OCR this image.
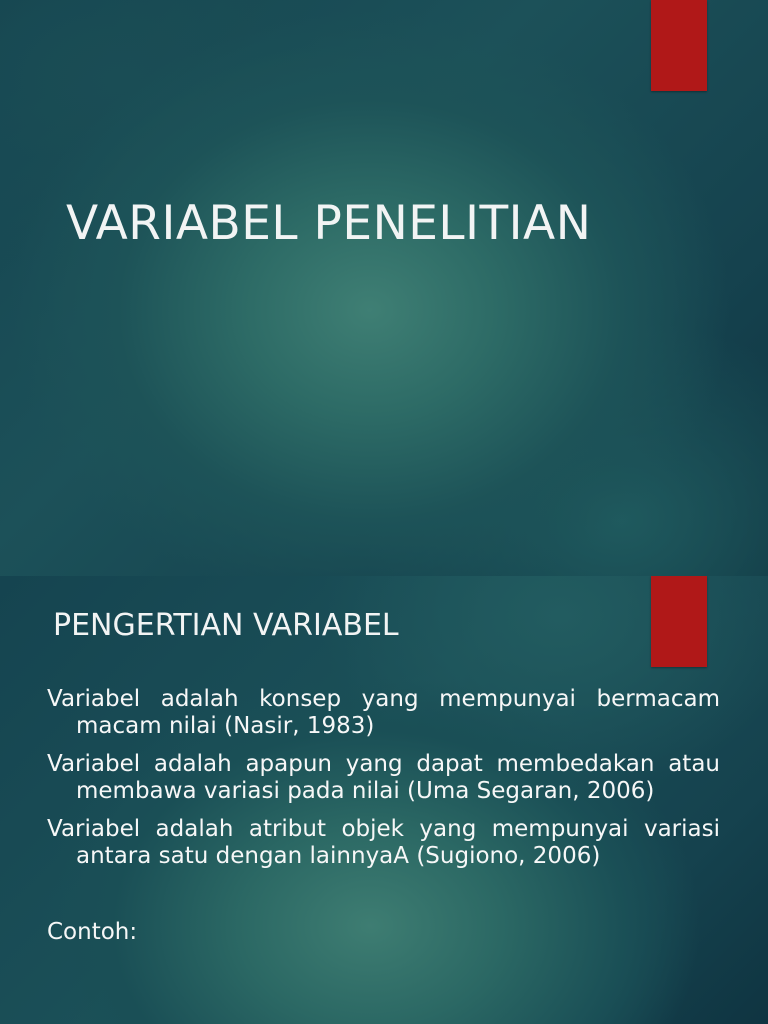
VARIABEL PENELITIAN
PENGERTIAN VARIABEL

Variabel adalah konsep yang mempunyai bermacam macam nilai (Nasir, 1983)

Variabel adalah apapun yang dapat membedakan atau membawa variasi pada nilai (Uma Segaran, 2006)

Variabel adalah atribut objek yang mempunyai variasi antara satu dengan lainnyaA (Sugiono, 2006)

Contoh:
